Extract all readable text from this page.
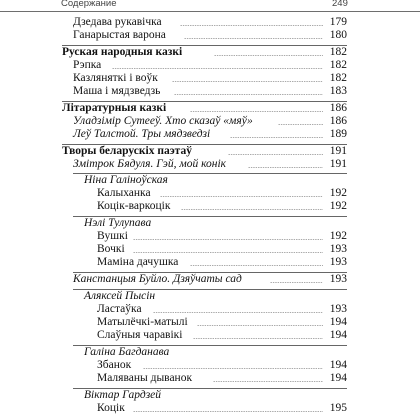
Содержание	249
Дзедава рукавічка	179
Ганарыстая варона	180
Руская народныя казкі	182
Рэпка	182
Казляняткі і воўк	182
Маша і мядзведзь	183
Літаратурныя казкі	186
Уладзімір Сутееў. Хто сказаў «мяў»	186
Леў Талстой. Тры мядзведзі	189
Творы беларускіх паэтаў	191
Змітрок Бядуля. Гэй, мой конік	191
Ніна Галіноўская
Калыханка	192
Коцік-варкоцік	192
Нэлі Тулупава
Вушкі	192
Вочкі	193
Маміна дачушка	193
Канстанцыя Буйло. Дзяўчаты сад	193
Аляксей Пысін
Ластаўка	193
Матылёчкі-матылі	194
Слаўныя чаравікі	194
Галіна Багданава
Збанок	194
Маляваны дыванок	194
Віктар Гардзей
Коцік	195
